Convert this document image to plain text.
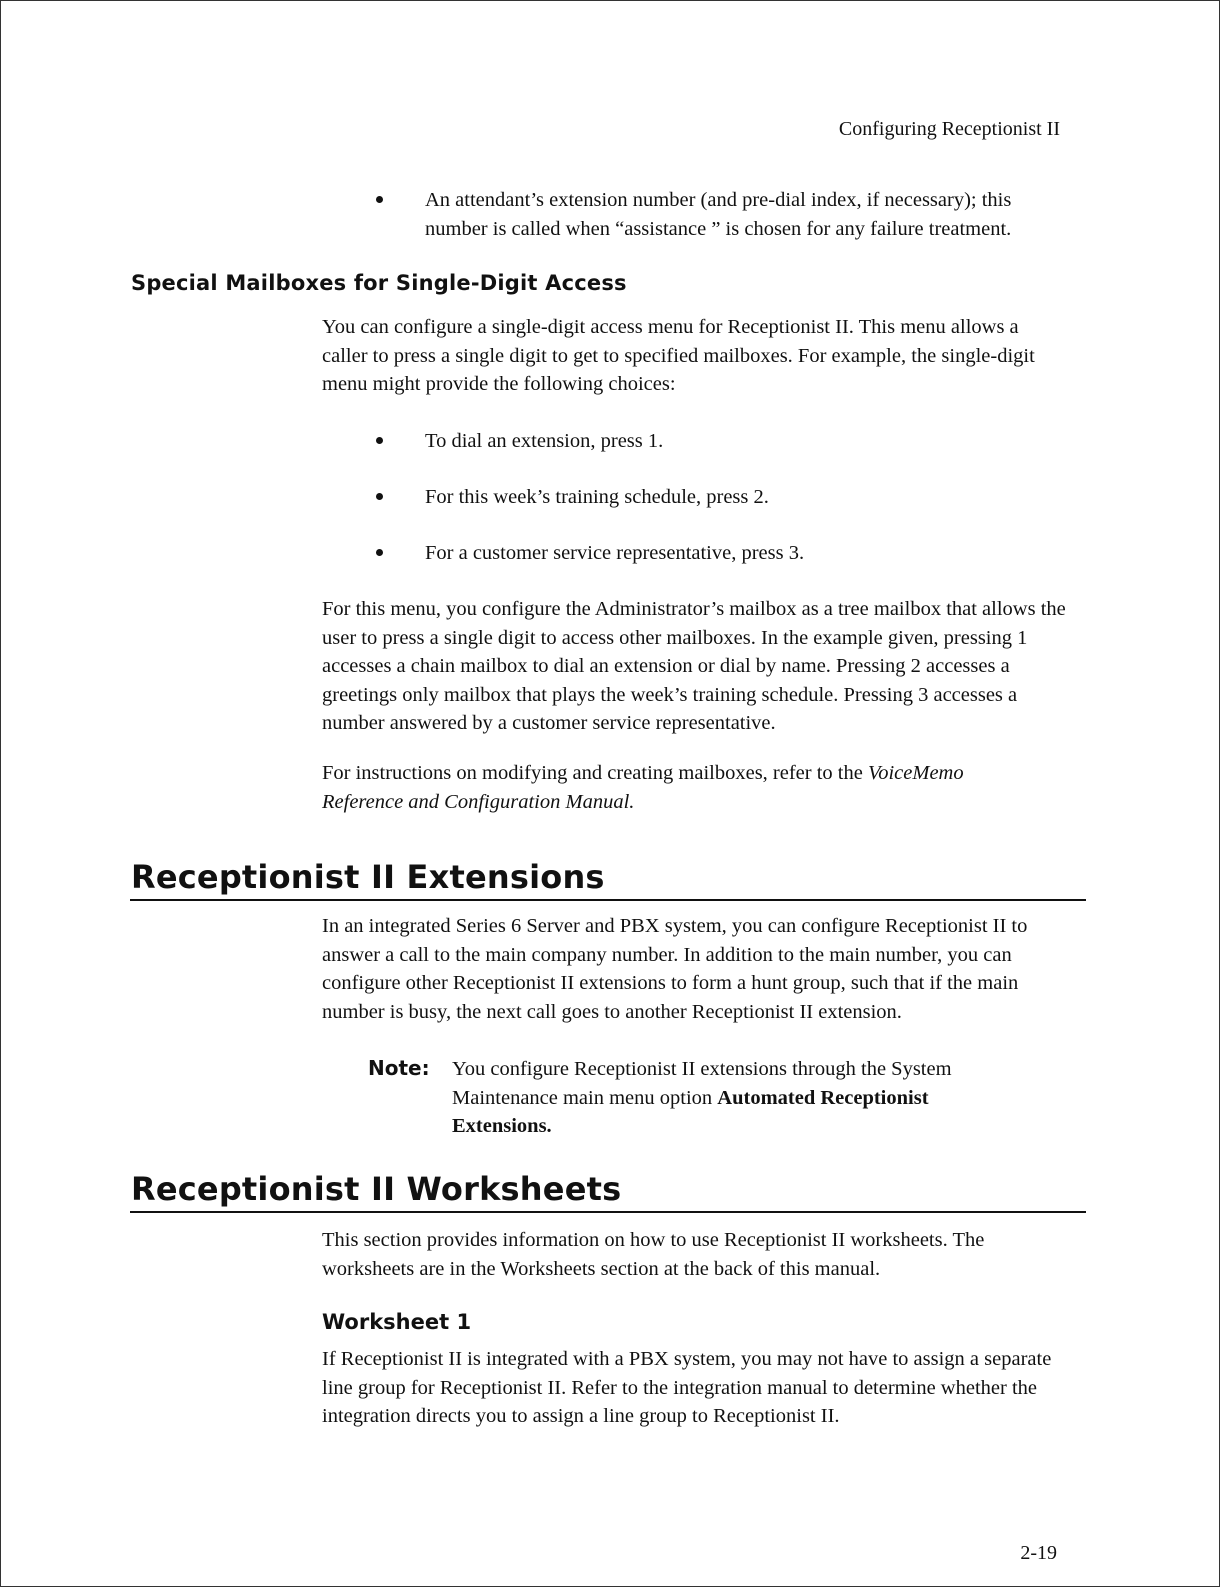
Configuring Receptionist II
An attendant’s extension number (and pre-dial index, if necessary); this number is called when “assistance ” is chosen for any failure treatment.
Special Mailboxes for Single-Digit Access
You can configure a single-digit access menu for Receptionist II. This menu allows a caller to press a single digit to get to specified mailboxes. For example, the single-digit menu might provide the following choices:
To dial an extension, press 1.
For this week’s training schedule, press 2.
For a customer service representative, press 3.
For this menu, you configure the Administrator’s mailbox as a tree mailbox that allows the user to press a single digit to access other mailboxes. In the example given, pressing 1 accesses a chain mailbox to dial an extension or dial by name. Pressing 2 accesses a greetings only mailbox that plays the week’s training schedule. Pressing 3 accesses a number answered by a customer service representative.
For instructions on modifying and creating mailboxes, refer to the VoiceMemo Reference and Configuration Manual.
Receptionist II Extensions
In an integrated Series 6 Server and PBX system, you can configure Receptionist II to answer a call to the main company number. In addition to the main number, you can configure other Receptionist II extensions to form a hunt group, such that if the main number is busy, the next call goes to another Receptionist II extension.
Note: You configure Receptionist II extensions through the System Maintenance main menu option Automated Receptionist Extensions.
Receptionist II Worksheets
This section provides information on how to use Receptionist II worksheets. The worksheets are in the Worksheets section at the back of this manual.
Worksheet 1
If Receptionist II is integrated with a PBX system, you may not have to assign a separate line group for Receptionist II. Refer to the integration manual to determine whether the integration directs you to assign a line group to Receptionist II.
2-19
